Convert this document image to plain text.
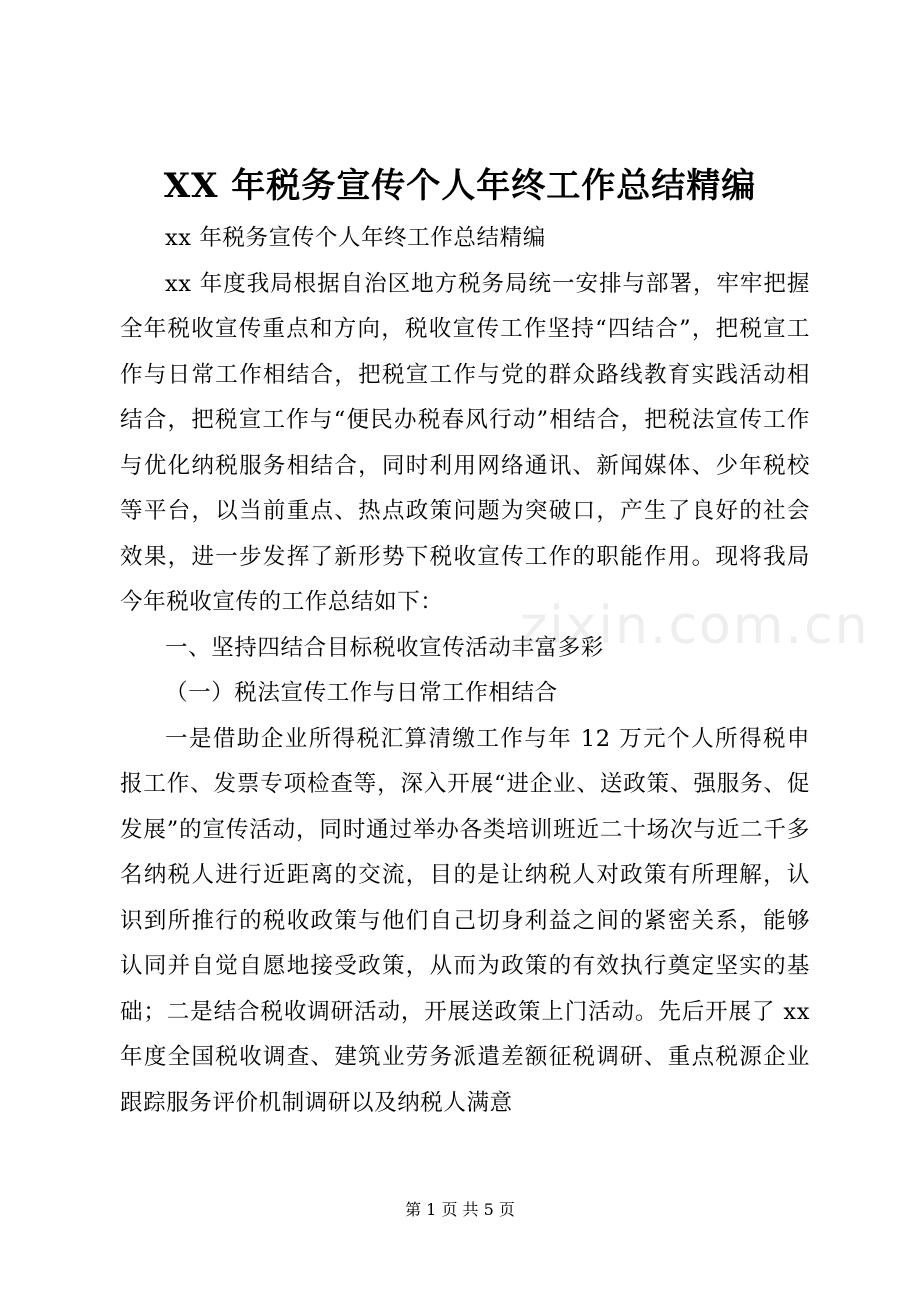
XX 年税务宣传个人年终工作总结精编

xx 年税务宣传个人年终工作总结精编

xx 年度我局根据自治区地方税务局统一安排与部署，牢牢把握全年税收宣传重点和方向，税收宣传工作坚持“四结合”，把税宣工作与日常工作相结合，把税宣工作与党的群众路线教育实践活动相结合，把税宣工作与“便民办税春风行动”相结合，把税法宣传工作与优化纳税服务相结合，同时利用网络通讯、新闻媒体、少年税校等平台，以当前重点、热点政策问题为突破口，产生了良好的社会效果，进一步发挥了新形势下税收宣传工作的职能作用。现将我局今年税收宣传的工作总结如下：

一、坚持四结合目标税收宣传活动丰富多彩

（一）税法宣传工作与日常工作相结合

一是借助企业所得税汇算清缴工作与年 12 万元个人所得税申报工作、发票专项检查等，深入开展“进企业、送政策、强服务、促发展”的宣传活动，同时通过举办各类培训班近二十场次与近二千多名纳税人进行近距离的交流，目的是让纳税人对政策有所理解，认识到所推行的税收政策与他们自己切身利益之间的紧密关系，能够认同并自觉自愿地接受政策，从而为政策的有效执行奠定坚实的基础；二是结合税收调研活动，开展送政策上门活动。先后开展了 xx 年度全国税收调查、建筑业劳务派遣差额征税调研、重点税源企业跟踪服务评价机制调研以及纳税人满意

zixin.com.cn
第 1 页 共 5 页
